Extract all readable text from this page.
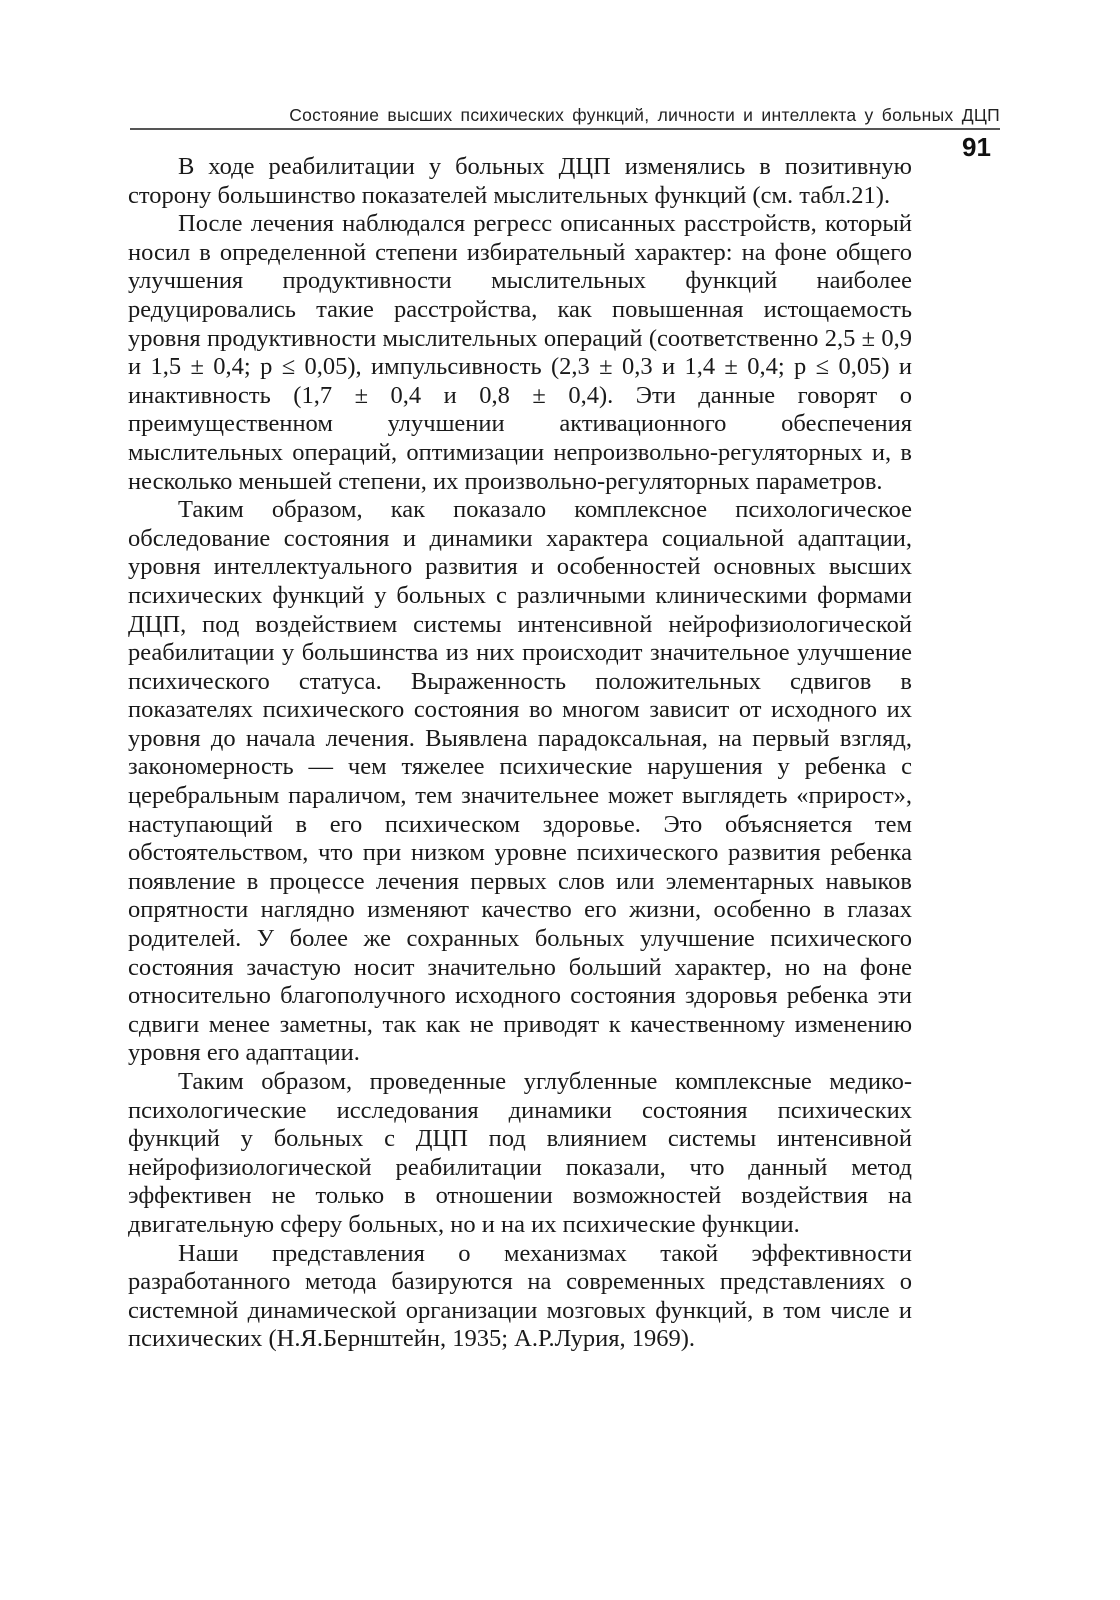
Состояние высших психических функций, личности и интеллекта у больных ДЦП
91

В ходе реабилитации у больных ДЦП изменялись в позитивную сторону большинство показателей мыслительных функций (см. табл.21).

После лечения наблюдался регресс описанных расстройств, который носил в определенной степени избирательный характер: на фоне общего улучшения продуктивности мыслительных функций наиболее редуцировались такие расстройства, как повышенная истощаемость уровня продуктивности мыслительных операций (соответственно 2,5 ± 0,9 и 1,5 ± 0,4; р ≤ 0,05), импульсивность (2,3 ± 0,3 и 1,4 ± 0,4; р ≤ 0,05) и инактивность (1,7 ± 0,4 и 0,8 ± 0,4). Эти данные говорят о преимущественном улучшении активационного обеспечения мыслительных операций, оптимизации непроизвольно-регуляторных и, в несколько меньшей степени, их произвольно-регуляторных параметров.

Таким образом, как показало комплексное психологическое обследование состояния и динамики характера социальной адаптации, уровня интеллектуального развития и особенностей основных высших психических функций у больных с различными клиническими формами ДЦП, под воздействием системы интенсивной нейрофизиологической реабилитации у большинства из них происходит значительное улучшение психического статуса. Выраженность положительных сдвигов в показателях психического состояния во многом зависит от исходного их уровня до начала лечения. Выявлена парадоксальная, на первый взгляд, закономерность — чем тяжелее психические нарушения у ребенка с церебральным параличом, тем значительнее может выглядеть «прирост», наступающий в его психическом здоровье. Это объясняется тем обстоятельством, что при низком уровне психического развития ребенка появление в процессе лечения первых слов или элементарных навыков опрятности наглядно изменяют качество его жизни, особенно в глазах родителей. У более же сохранных больных улучшение психического состояния зачастую носит значительно больший характер, но на фоне относительно благополучного исходного состояния здоровья ребенка эти сдвиги менее заметны, так как не приводят к качественному изменению уровня его адаптации.

Таким образом, проведенные углубленные комплексные медико-психологические исследования динамики состояния психических функций у больных с ДЦП под влиянием системы интенсивной нейрофизиологической реабилитации показали, что данный метод эффективен не только в отношении возможностей воздействия на двигательную сферу больных, но и на их психические функции.

Наши представления о механизмах такой эффективности разработанного метода базируются на современных представлениях о системной динамической организации мозговых функций, в том числе и психических (Н.Я.Бернштейн, 1935; А.Р.Лурия, 1969).
